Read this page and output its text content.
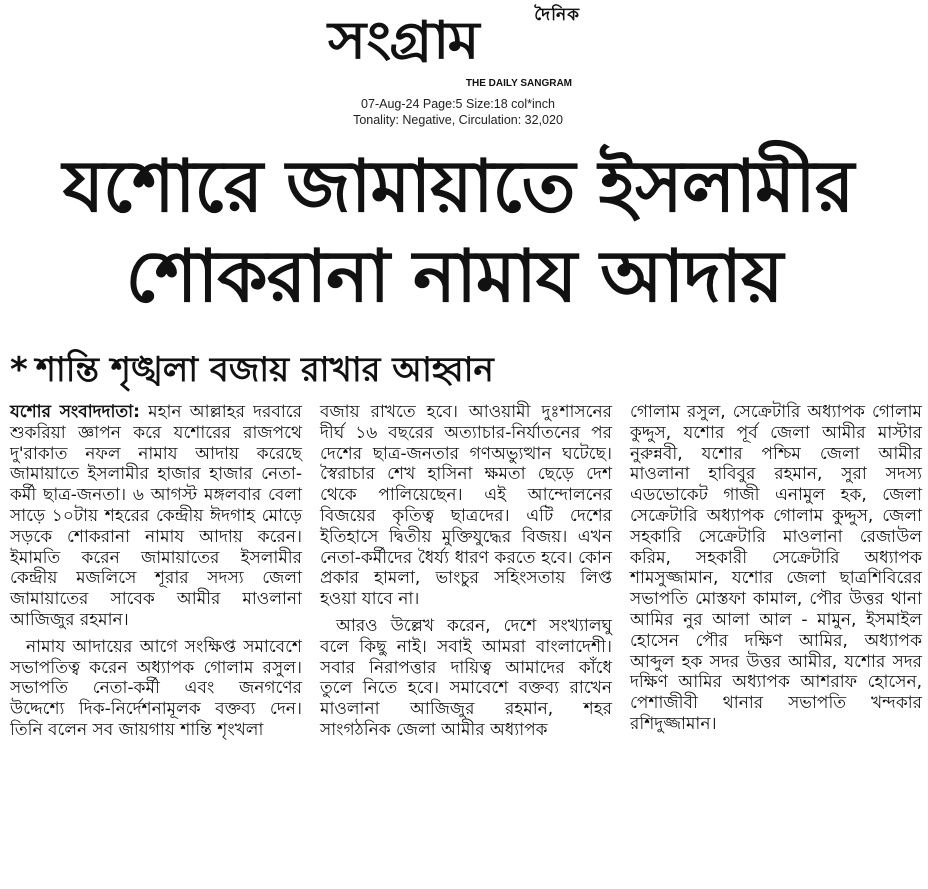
দৈনিক
সংগ্রাম
THE DAILY SANGRAM
07-Aug-24 Page:5 Size:18 col*inch
Tonality: Negative, Circulation: 32,020
যশোরে জামায়াতে ইসলামীর
শোকরানা নামায আদায়
* শান্তি শৃঙ্খলা বজায় রাখার আহ্বান

যশোর সংবাদদাতা: মহান আল্লাহর দরবারে শুকরিয়া জ্ঞাপন করে যশোরের রাজপথে দু'রাকাত নফল নামায আদায় করেছে জামায়াতে ইসলামীর হাজার হাজার নেতা-কর্মী ছাত্র-জনতা। ৬ আগস্ট মঙ্গলবার বেলা সাড়ে ১০টায় শহরের কেন্দ্রীয় ঈদগাহ মোড়ে সড়কে শোকরানা নামায আদায় করেন। ইমামতি করেন জামায়াতের ইসলামীর কেন্দ্রীয় মজলিসে শূরার সদস্য জেলা জামায়াতের সাবেক আমীর মাওলানা আজিজুর রহমান।

নামায আদায়ের আগে সংক্ষিপ্ত সমাবেশে সভাপতিত্ব করেন অধ্যাপক গোলাম রসুল। সভাপতি নেতা-কর্মী এবং জনগণের উদ্দেশ্যে দিক-নির্দেশনামূলক বক্তব্য দেন। তিনি বলেন সব জায়গায় শান্তি শৃংখলা

বজায় রাখতে হবে। আওয়ামী দুঃশাসনের দীর্ঘ ১৬ বছরের অত্যাচার-নির্যাতনের পর দেশের ছাত্র-জনতার গণঅভ্যুত্থান ঘটেছে। স্বৈরাচার শেখ হাসিনা ক্ষমতা ছেড়ে দেশ থেকে পালিয়েছেন। এই আন্দোলনের বিজয়ের কৃতিত্ব ছাত্রদের। এটি দেশের ইতিহাসে দ্বিতীয় মুক্তিযুদ্ধের বিজয়। এখন নেতা-কর্মীদের ধৈর্য্য ধারণ করতে হবে। কোন প্রকার হামলা, ভাংচুর সহিংসতায় লিপ্ত হওয়া যাবে না।

আরও উল্লেখ করেন, দেশে সংখ্যালঘু বলে কিছু নাই। সবাই আমরা বাংলাদেশী। সবার নিরাপত্তার দায়িত্ব আমাদের কাঁধে তুলে নিতে হবে। সমাবেশে বক্তব্য রাখেন মাওলানা আজিজুর রহমান, শহর সাংগঠনিক জেলা আমীর অধ্যাপক

গোলাম রসুল, সেক্রেটারি অধ্যাপক গোলাম কুদ্দুস, যশোর পূর্ব জেলা আমীর মাস্টার নুরুন্নবী, যশোর পশ্চিম জেলা আমীর মাওলানা হাবিবুর রহমান, সুরা সদস্য এডভোকেট গাজী এনামুল হক, জেলা সেক্রেটারি অধ্যাপক গোলাম কুদ্দুস, জেলা সহকারি সেক্রেটারি মাওলানা রেজাউল করিম, সহকারী সেক্রেটারি অধ্যাপক শামসুজ্জামান, যশোর জেলা ছাত্রশিবিরের সভাপতি মোস্তফা কামাল, পৌর উত্তর থানা আমির নুর আলা আল - মামুন, ইসমাইল হোসেন পৌর দক্ষিণ আমির, অধ্যাপক আব্দুল হক সদর উত্তর আমীর, যশোর সদর দক্ষিণ আমির অধ্যাপক আশরাফ হোসেন, পেশাজীবী থানার সভাপতি খন্দকার রশিদুজ্জামান।
